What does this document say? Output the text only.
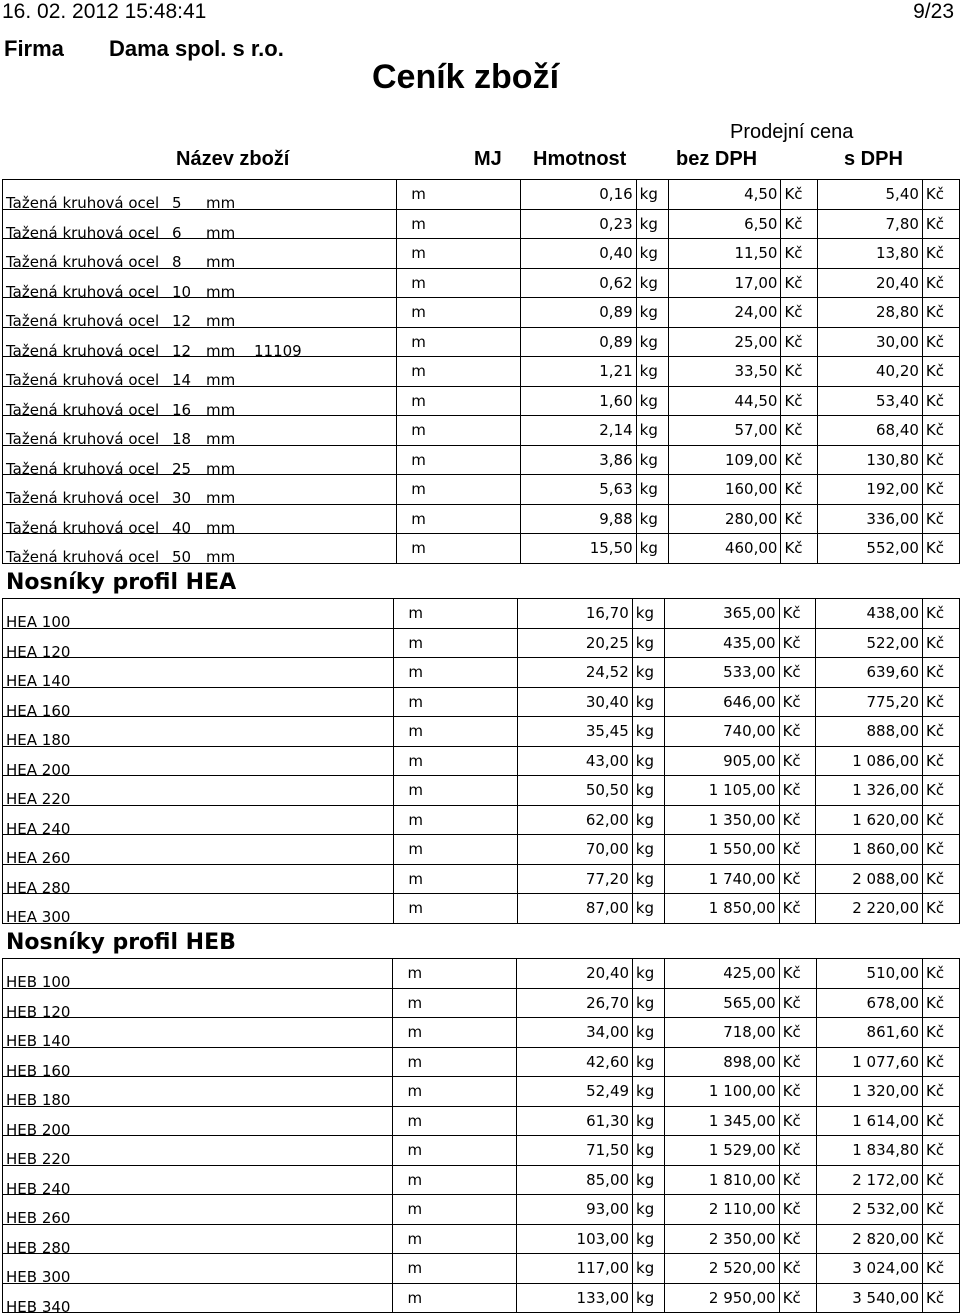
16. 02. 2012 15:48:41	9/23
Firma Dama spol. s r.o.
Ceník zboží
Název zboží	MJ Hmotnost
Prodejní cena
bez DPH	s DPH
Tažená kruhová ocel 5 mm	m	0,16	kg	4,50	Kč	5,40	Kč

Tažená kruhová ocel 6 mm	m	0,23	kg	6,50	Kč	7,80	Kč

Tažená kruhová ocel 8 mm	m	0,40	kg	11,50	Kč	13,80	Kč

Tažená kruhová ocel 10 mm	m	0,62	kg	17,00	Kč	20,40	Kč

Tažená kruhová ocel 12 mm	m	0,89	kg	24,00	Kč	28,80	Kč

Tažená kruhová ocel 12 mm 11109	m	0,89	kg	25,00	Kč	30,00	Kč

Tažená kruhová ocel 14 mm	m	1,21	kg	33,50	Kč	40,20	Kč

Tažená kruhová ocel 16 mm	m	1,60	kg	44,50	Kč	53,40	Kč

Tažená kruhová ocel 18 mm	m	2,14	kg	57,00	Kč	68,40	Kč

Tažená kruhová ocel 25 mm	m	3,86	kg	109,00	Kč	130,80	Kč

Tažená kruhová ocel 30 mm	m	5,63	kg	160,00	Kč	192,00	Kč

Tažená kruhová ocel 40 mm	m	9,88	kg	280,00	Kč	336,00	Kč

Tažená kruhová ocel 50 mm	m	15,50	kg	460,00	Kč	552,00	Kč
Nosníky profil HEA
HEA 100	m	16,70	kg	365,00	Kč	438,00	Kč

HEA 120	m	20,25	kg	435,00	Kč	522,00	Kč

HEA 140	m	24,52	kg	533,00	Kč	639,60	Kč

HEA 160	m	30,40	kg	646,00	Kč	775,20	Kč

HEA 180	m	35,45	kg	740,00	Kč	888,00	Kč

HEA 200	m	43,00	kg	905,00	Kč	1 086,00	Kč

HEA 220	m	50,50	kg	1 105,00	Kč	1 326,00	Kč

HEA 240	m	62,00	kg	1 350,00	Kč	1 620,00	Kč

HEA 260	m	70,00	kg	1 550,00	Kč	1 860,00	Kč

HEA 280	m	77,20	kg	1 740,00	Kč	2 088,00	Kč

HEA 300	m	87,00	kg	1 850,00	Kč	2 220,00	Kč
Nosníky profil HEB
HEB 100	m	20,40	kg	425,00	Kč	510,00	Kč

HEB 120	m	26,70	kg	565,00	Kč	678,00	Kč

HEB 140	m	34,00	kg	718,00	Kč	861,60	Kč

HEB 160	m	42,60	kg	898,00	Kč	1 077,60	Kč

HEB 180	m	52,49	kg	1 100,00	Kč	1 320,00	Kč

HEB 200	m	61,30	kg	1 345,00	Kč	1 614,00	Kč

HEB 220	m	71,50	kg	1 529,00	Kč	1 834,80	Kč

HEB 240	m	85,00	kg	1 810,00	Kč	2 172,00	Kč

HEB 260	m	93,00	kg	2 110,00	Kč	2 532,00	Kč

HEB 280	m	103,00	kg	2 350,00	Kč	2 820,00	Kč

HEB 300	m	117,00	kg	2 520,00	Kč	3 024,00	Kč

HEB 340	m	133,00	kg	2 950,00	Kč	3 540,00	Kč
